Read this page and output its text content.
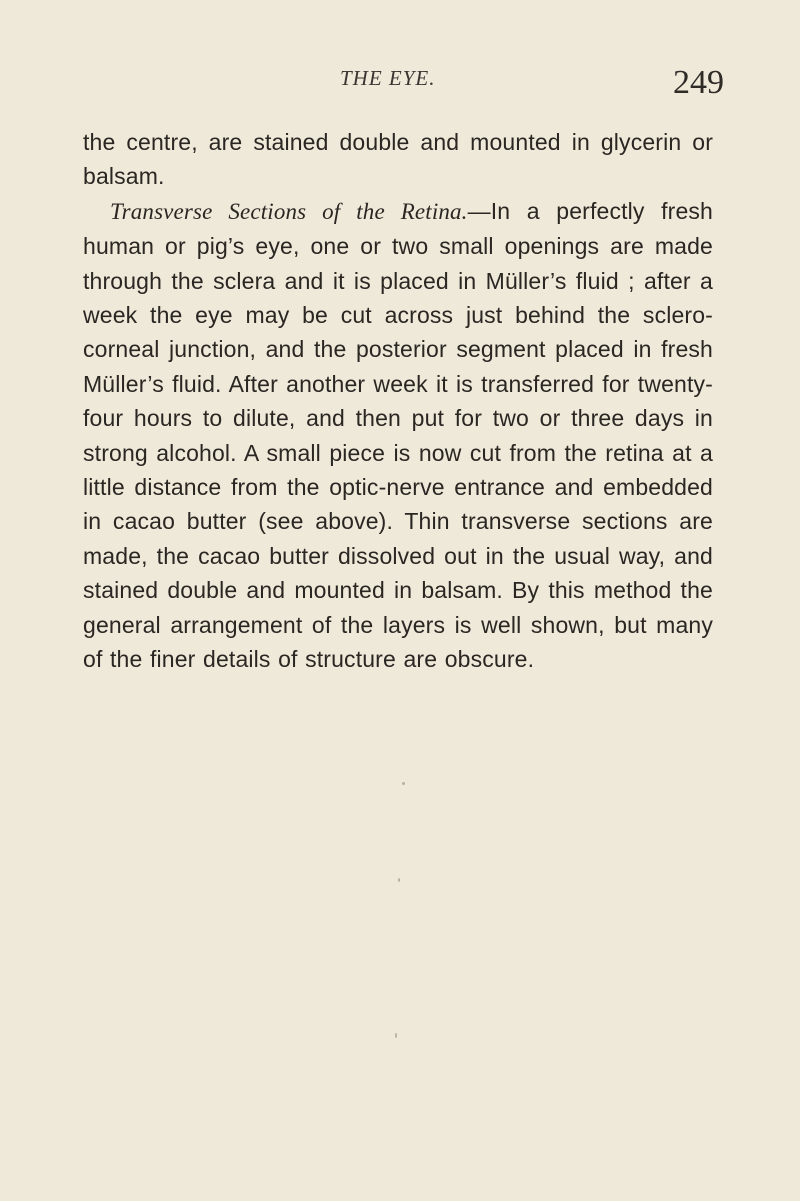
THE EYE.	249

the centre, are stained double and mounted in glycerin or balsam.

Transverse Sections of the Retina.—In a perfectly fresh human or pig’s eye, one or two small openings are made through the sclera and it is placed in Müller’s fluid ; after a week the eye may be cut across just behind the sclero-corneal junction, and the posterior segment placed in fresh Müller’s fluid. After another week it is transferred for twenty-four hours to dilute, and then put for two or three days in strong alcohol. A small piece is now cut from the retina at a little distance from the optic-nerve entrance and embedded in cacao butter (see above). Thin transverse sections are made, the cacao butter dissolved out in the usual way, and stained double and mounted in balsam. By this method the general arrangement of the layers is well shown, but many of the finer details of structure are obscure.
